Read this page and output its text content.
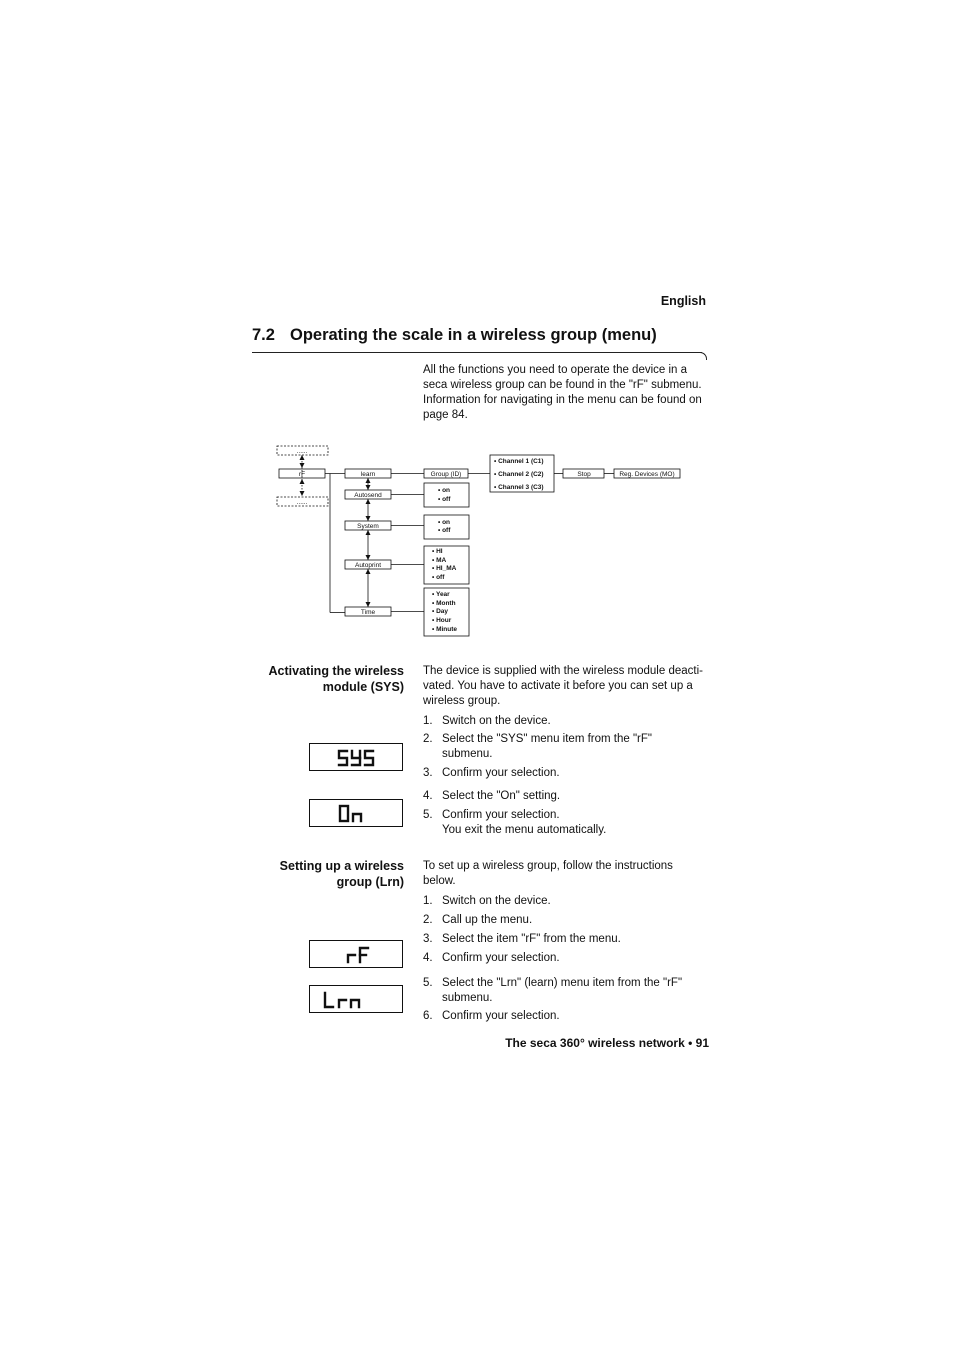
English
7.2 Operating the scale in a wireless group (menu)
All the functions you need to operate the device in a
seca wireless group can be found in the "rF" submenu.
Information for navigating in the menu can be found on
page 84.
......
......
rF	learn
Autosend
System
Autoprint
Time
Group (ID)
• Channel 1 (C1)
• Channel 2 (C2)
• Channel 3 (C3)
Stop	Reg. Devices (MO)
• on
• off
• on
• off
• HI
• MA
• HI_MA
• off
• Year
• Month
• Day
• Hour
• Minute
Activating the wireless
module (SYS)
The device is supplied with the wireless module deacti-
vated. You have to activate it before you can set up a
wireless group.
1. Switch on the device.
2. Select the "SYS" menu item from the "rF"
submenu.
3. Confirm your selection.
4. Select the "On" setting.
5. Confirm your selection.
You exit the menu automatically.
Setting up a wireless
group (Lrn)
To set up a wireless group, follow the instructions
below.
1. Switch on the device.
2. Call up the menu.
3. Select the item "rF" from the menu.
4. Confirm your selection.
5. Select the "Lrn" (learn) menu item from the "rF"
submenu.
6. Confirm your selection.
The seca 360° wireless network • 91
